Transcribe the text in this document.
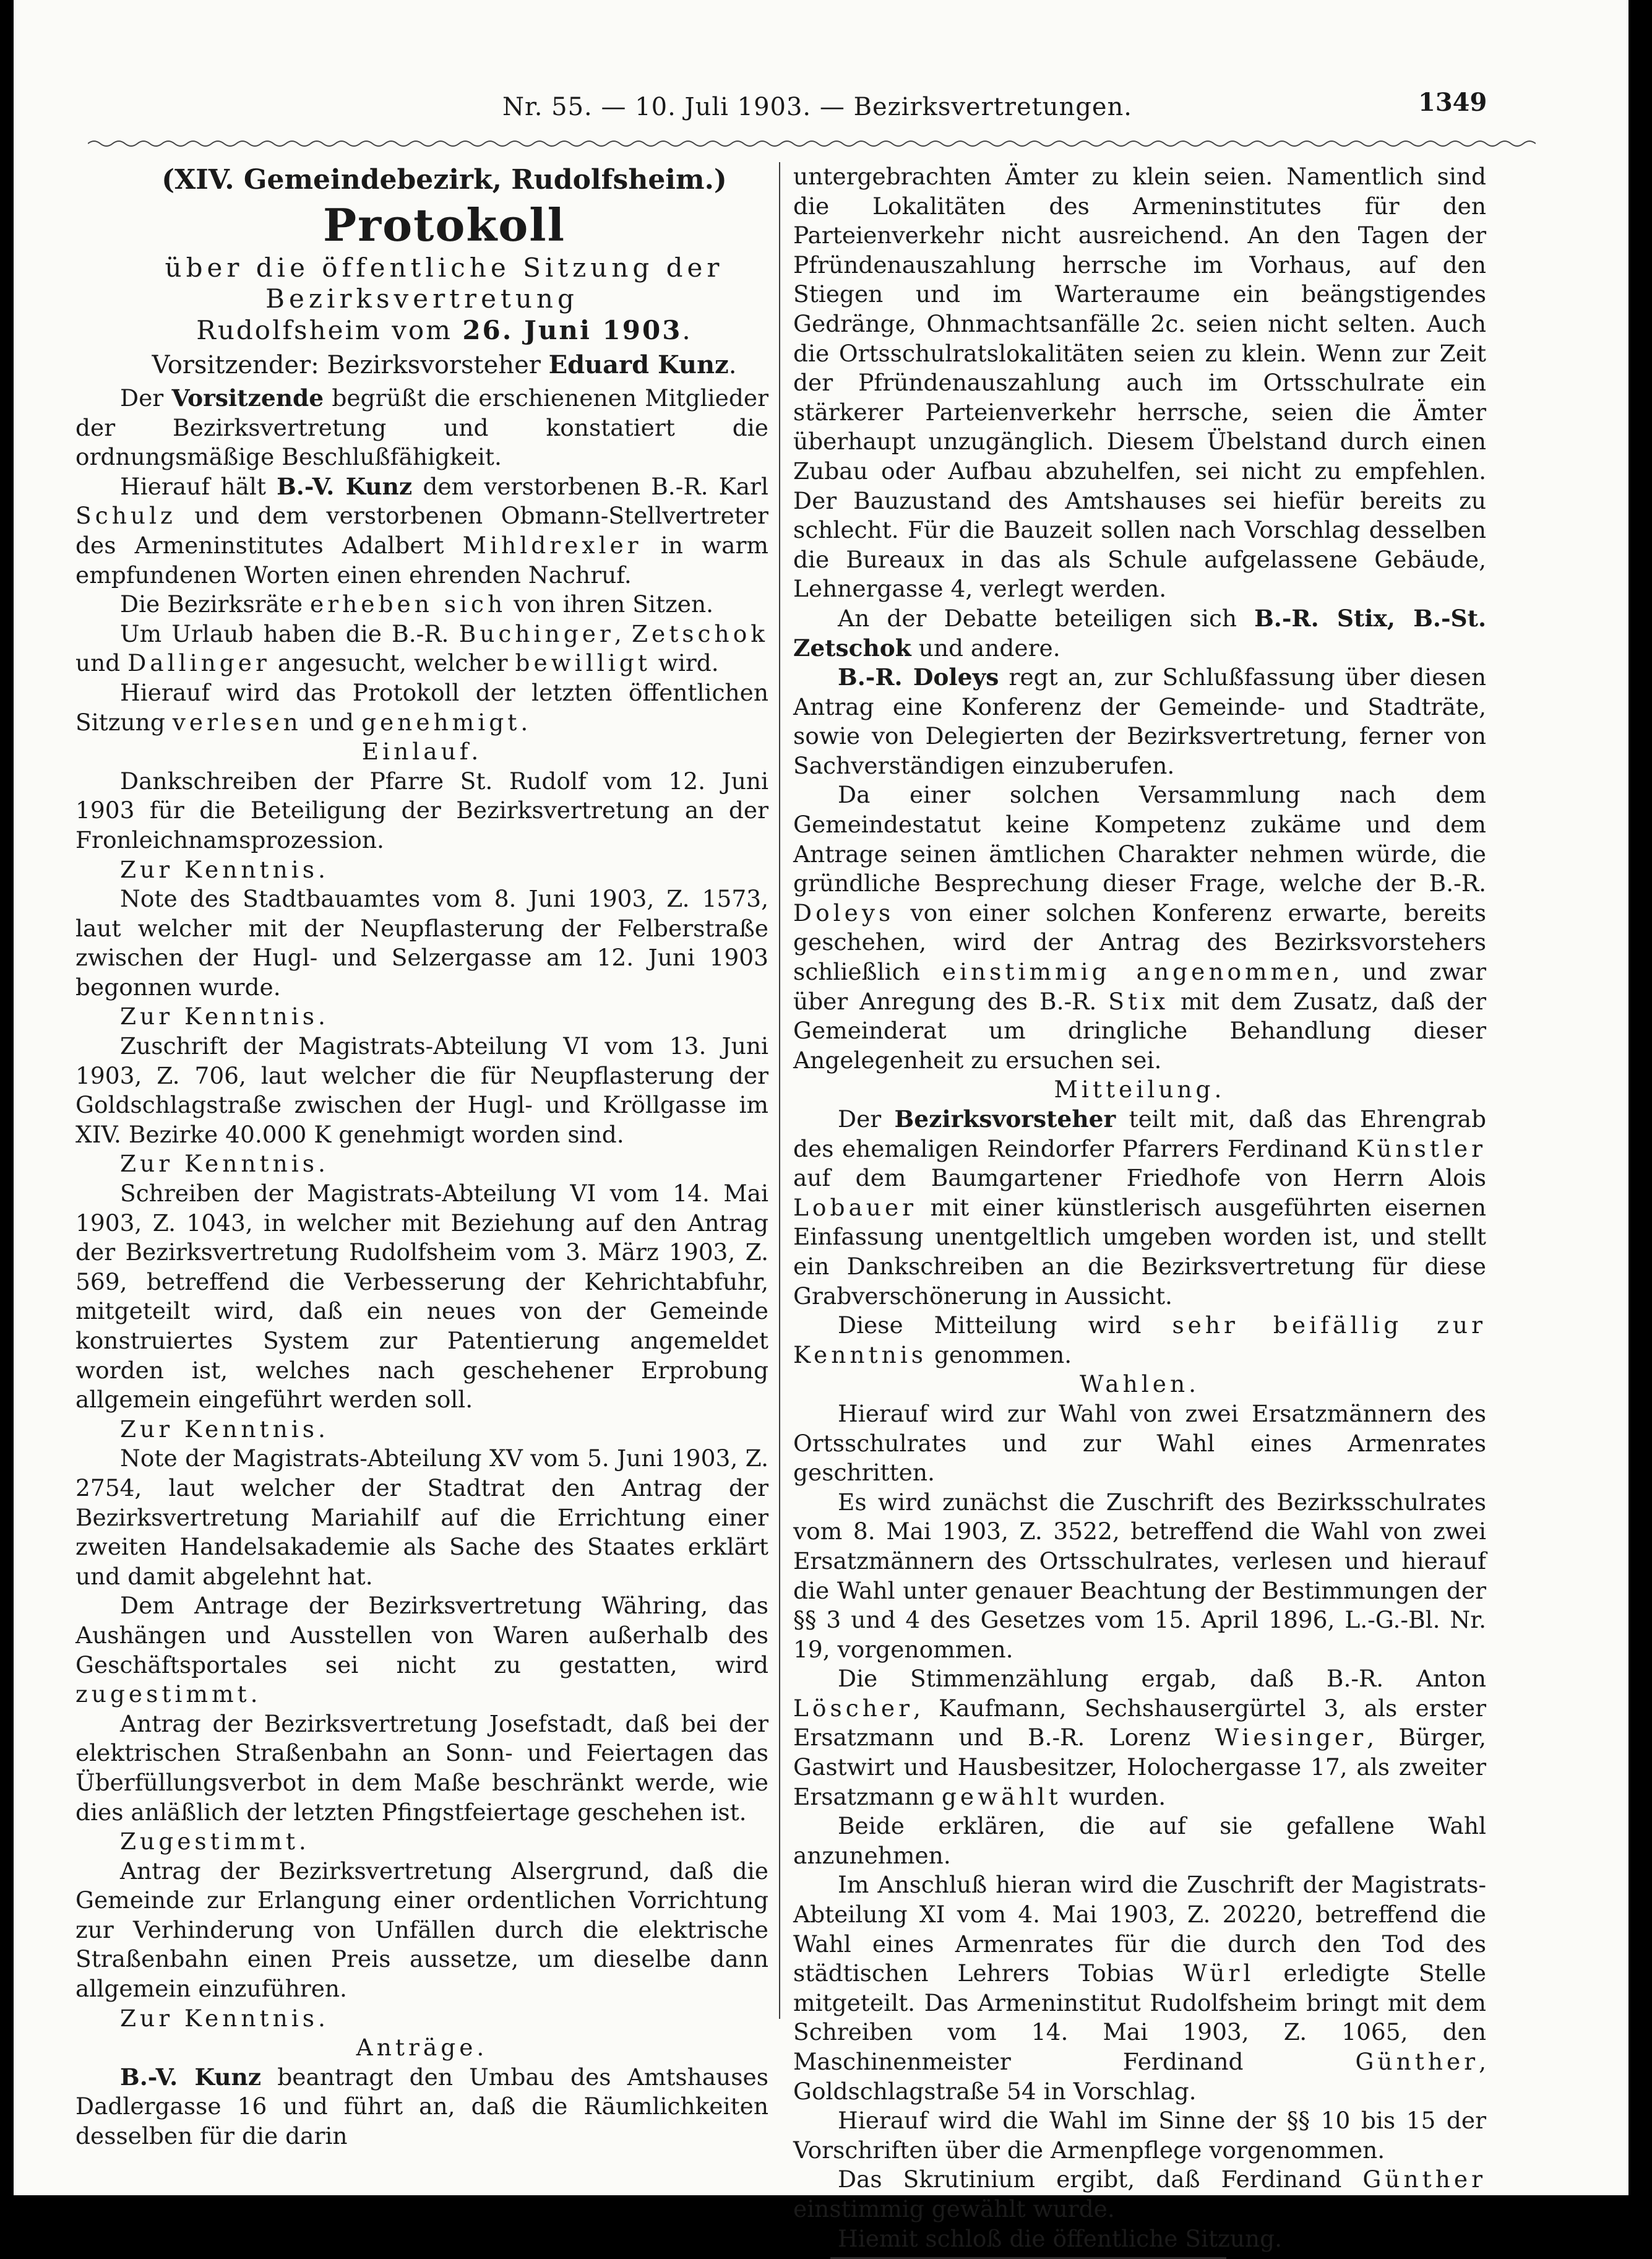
Nr. 55. — 10. Juli 1903. — Bezirksvertretungen.	1349

(XIV. Gemeindebezirk, Rudolfsheim.)

Protokoll

über die öffentliche Sitzung der Bezirksvertretung

Rudolfsheim vom 26. Juni 1903.

Vorsitzender: Bezirksvorsteher Eduard Kunz.

Der Vorsitzende begrüßt die erschienenen Mitglieder der Bezirksvertretung und konstatiert die ordnungsmäßige Beschlußfähigkeit.

Hierauf hält B.-V. Kunz dem verstorbenen B.-R. Karl Schulz und dem verstorbenen Obmann-Stellvertreter des Armeninstitutes Adalbert Mihldrexler in warm empfundenen Worten einen ehrenden Nachruf.

Die Bezirksräte erheben sich von ihren Sitzen.

Um Urlaub haben die B.-R. Buchinger, Zetschok und Dallinger angesucht, welcher bewilligt wird.

Hierauf wird das Protokoll der letzten öffentlichen Sitzung verlesen und genehmigt.

Einlauf.

Dankschreiben der Pfarre St. Rudolf vom 12. Juni 1903 für die Beteiligung der Bezirksvertretung an der Fronleichnamsprozession.

Zur Kenntnis.

Note des Stadtbauamtes vom 8. Juni 1903, Z. 1573, laut welcher mit der Neupflasterung der Felberstraße zwischen der Hugl- und Selzergasse am 12. Juni 1903 begonnen wurde.

Zur Kenntnis.

Zuschrift der Magistrats-Abteilung VI vom 13. Juni 1903, Z. 706, laut welcher die für Neupflasterung der Goldschlagstraße zwischen der Hugl- und Kröllgasse im XIV. Bezirke 40.000 K genehmigt worden sind.

Zur Kenntnis.

Schreiben der Magistrats-Abteilung VI vom 14. Mai 1903, Z. 1043, in welcher mit Beziehung auf den Antrag der Bezirksvertretung Rudolfsheim vom 3. März 1903, Z. 569, betreffend die Verbesserung der Kehrichtabfuhr, mitgeteilt wird, daß ein neues von der Gemeinde konstruiertes System zur Patentierung angemeldet worden ist, welches nach geschehener Erprobung allgemein eingeführt werden soll.

Zur Kenntnis.

Note der Magistrats-Abteilung XV vom 5. Juni 1903, Z. 2754, laut welcher der Stadtrat den Antrag der Bezirksvertretung Mariahilf auf die Errichtung einer zweiten Handelsakademie als Sache des Staates erklärt und damit abgelehnt hat.

Dem Antrage der Bezirksvertretung Währing, das Aushängen und Ausstellen von Waren außerhalb des Geschäftsportales sei nicht zu gestatten, wird zugestimmt.

Antrag der Bezirksvertretung Josefstadt, daß bei der elektrischen Straßenbahn an Sonn- und Feiertagen das Überfüllungsverbot in dem Maße beschränkt werde, wie dies anläßlich der letzten Pfingstfeiertage geschehen ist.

Zugestimmt.

Antrag der Bezirksvertretung Alsergrund, daß die Gemeinde zur Erlangung einer ordentlichen Vorrichtung zur Verhinderung von Unfällen durch die elektrische Straßenbahn einen Preis aussetze, um dieselbe dann allgemein einzuführen.

Zur Kenntnis.

Anträge.

B.-V. Kunz beantragt den Umbau des Amtshauses Dadlergasse 16 und führt an, daß die Räumlichkeiten desselben für die darin

untergebrachten Ämter zu klein seien. Namentlich sind die Lokalitäten des Armeninstitutes für den Parteienverkehr nicht ausreichend. An den Tagen der Pfründenauszahlung herrsche im Vorhaus, auf den Stiegen und im Warteraume ein beängstigendes Gedränge, Ohnmachtsanfälle 2c. seien nicht selten. Auch die Ortsschulratslokalitäten seien zu klein. Wenn zur Zeit der Pfründenauszahlung auch im Ortsschulrate ein stärkerer Parteienverkehr herrsche, seien die Ämter überhaupt unzugänglich. Diesem Übelstand durch einen Zubau oder Aufbau abzuhelfen, sei nicht zu empfehlen. Der Bauzustand des Amtshauses sei hiefür bereits zu schlecht. Für die Bauzeit sollen nach Vorschlag desselben die Bureaux in das als Schule aufgelassene Gebäude, Lehnergasse 4, verlegt werden.

An der Debatte beteiligen sich B.-R. Stix, B.-St. Zetschok und andere.

B.-R. Doleys regt an, zur Schlußfassung über diesen Antrag eine Konferenz der Gemeinde- und Stadträte, sowie von Delegierten der Bezirksvertretung, ferner von Sachverständigen einzuberufen.

Da einer solchen Versammlung nach dem Gemeindestatut keine Kompetenz zukäme und dem Antrage seinen ämtlichen Charakter nehmen würde, die gründliche Besprechung dieser Frage, welche der B.-R. Doleys von einer solchen Konferenz erwarte, bereits geschehen, wird der Antrag des Bezirksvorstehers schließlich einstimmig angenommen, und zwar über Anregung des B.-R. Stix mit dem Zusatz, daß der Gemeinderat um dringliche Behandlung dieser Angelegenheit zu ersuchen sei.

Mitteilung.

Der Bezirksvorsteher teilt mit, daß das Ehrengrab des ehemaligen Reindorfer Pfarrers Ferdinand Künstler auf dem Baumgartener Friedhofe von Herrn Alois Lobauer mit einer künstlerisch ausgeführten eisernen Einfassung unentgeltlich umgeben worden ist, und stellt ein Dankschreiben an die Bezirksvertretung für diese Grabverschönerung in Aussicht.

Diese Mitteilung wird sehr beifällig zur Kenntnis genommen.

Wahlen.

Hierauf wird zur Wahl von zwei Ersatzmännern des Ortsschulrates und zur Wahl eines Armenrates geschritten.

Es wird zunächst die Zuschrift des Bezirksschulrates vom 8. Mai 1903, Z. 3522, betreffend die Wahl von zwei Ersatzmännern des Ortsschulrates, verlesen und hierauf die Wahl unter genauer Beachtung der Bestimmungen der §§ 3 und 4 des Gesetzes vom 15. April 1896, L.-G.-Bl. Nr. 19, vorgenommen.

Die Stimmenzählung ergab, daß B.-R. Anton Löscher, Kaufmann, Sechshausergürtel 3, als erster Ersatzmann und B.-R. Lorenz Wiesinger, Bürger, Gastwirt und Hausbesitzer, Holochergasse 17, als zweiter Ersatzmann gewählt wurden.

Beide erklären, die auf sie gefallene Wahl anzunehmen.

Im Anschluß hieran wird die Zuschrift der Magistrats-Abteilung XI vom 4. Mai 1903, Z. 20220, betreffend die Wahl eines Armenrates für die durch den Tod des städtischen Lehrers Tobias Würl erledigte Stelle mitgeteilt. Das Armeninstitut Rudolfsheim bringt mit dem Schreiben vom 14. Mai 1903, Z. 1065, den Maschinenmeister Ferdinand Günther, Goldschlagstraße 54 in Vorschlag.

Hierauf wird die Wahl im Sinne der §§ 10 bis 15 der Vorschriften über die Armenpflege vorgenommen.

Das Skrutinium ergibt, daß Ferdinand Günther einstimmig gewählt wurde.

Hiemit schloß die öffentliche Sitzung.
